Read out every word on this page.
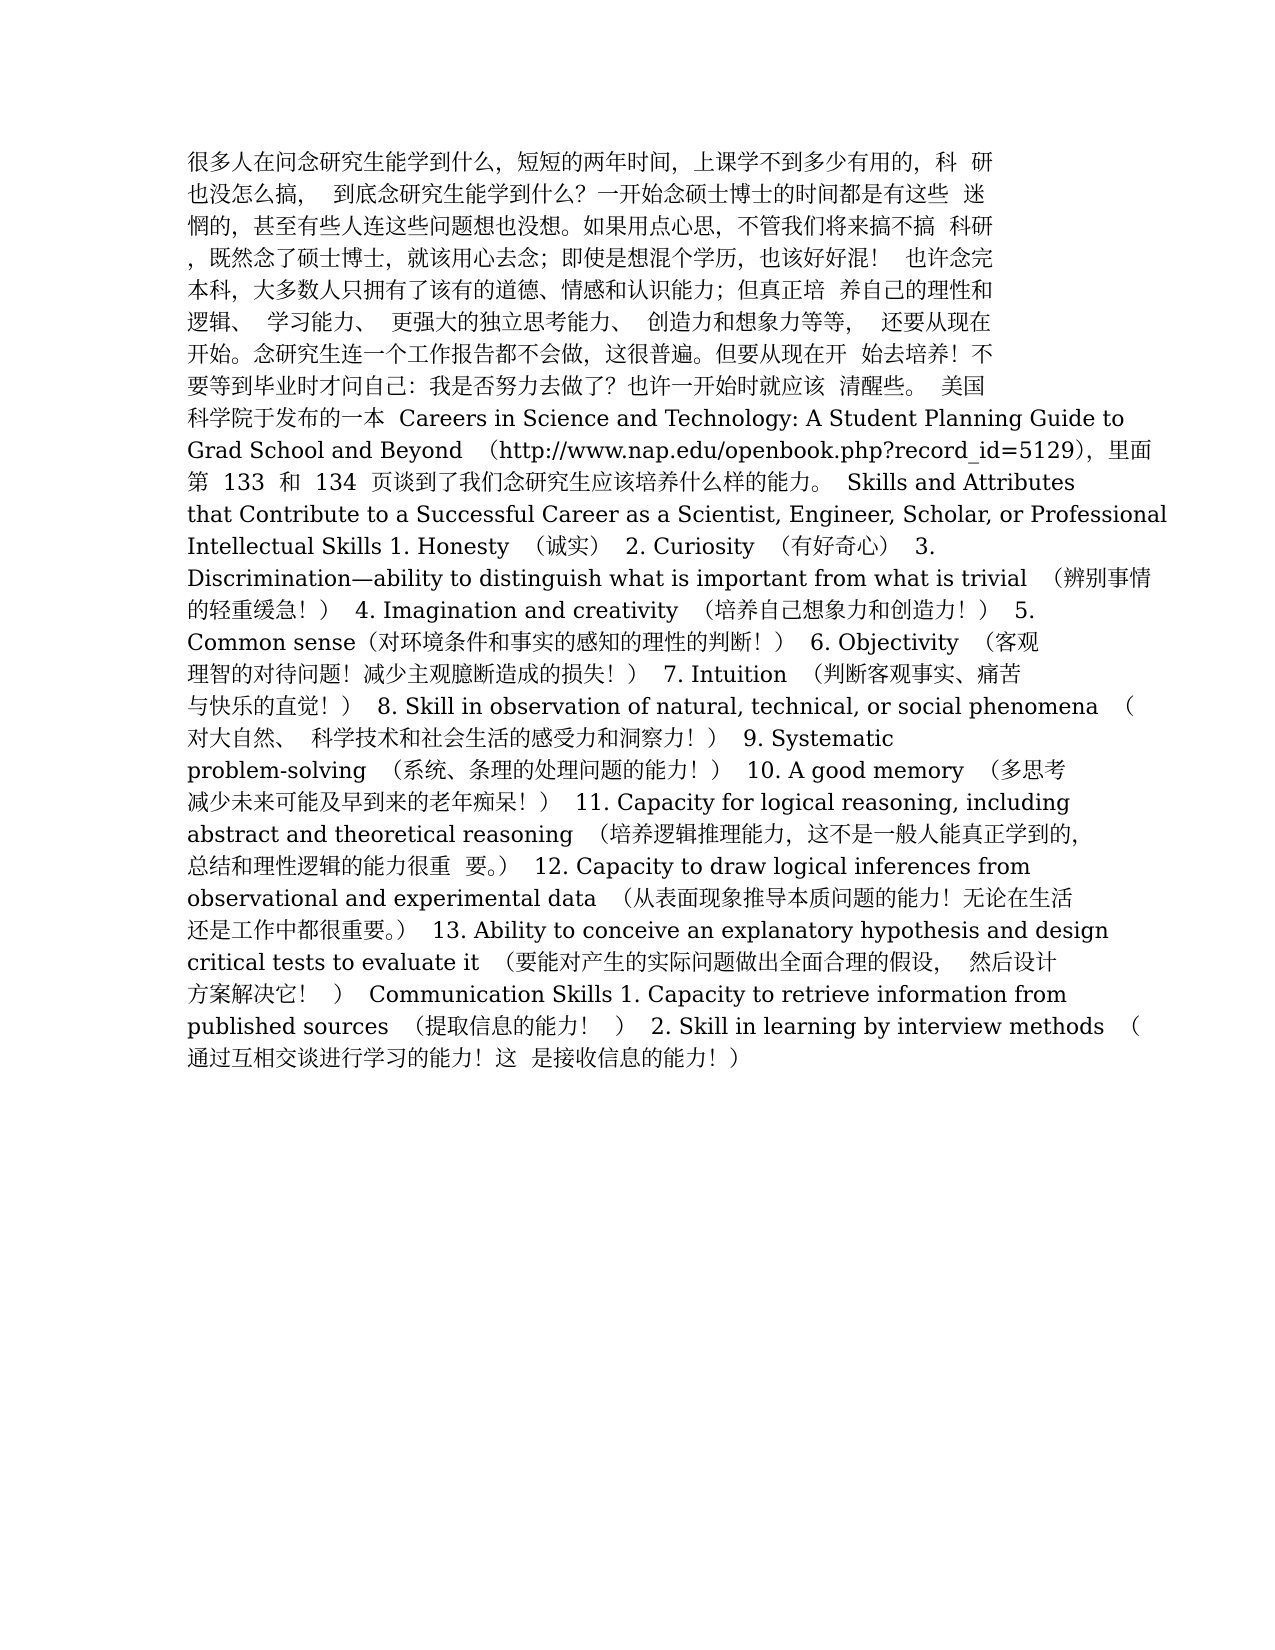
很多人在问念研究生能学到什么，短短的两年时间，上课学不到多少有用的，科  研
也没怎么搞，  到底念研究生能学到什么？一开始念硕士博士的时间都是有这些  迷
惘的，甚至有些人连这些问题想也没想。如果用点心思，不管我们将来搞不搞  科研
，既然念了硕士博士，就该用心去念；即使是想混个学历，也该好好混！  也许念完
本科，大多数人只拥有了该有的道德、情感和认识能力；但真正培  养自己的理性和
逻辑、  学习能力、  更强大的独立思考能力、  创造力和想象力等等，  还要从现在
开始。念研究生连一个工作报告都不会做，这很普遍。但要从现在开  始去培养！不
要等到毕业时才问自己：我是否努力去做了？也许一开始时就应该  清醒些。  美国
科学院于发布的一本  Careers in Science and Technology: A Student Planning Guide to
Grad School and Beyond  （http://www.nap.edu/openbook.php?record_id=5129），里面
第  133  和  134  页谈到了我们念研究生应该培养什么样的能力。  Skills and Attributes
that Contribute to a Successful Career as a Scientist, Engineer, Scholar, or Professional
Intellectual Skills 1. Honesty  （诚实）  2. Curiosity  （有好奇心）  3.
Discrimination—ability to distinguish what is important from what is trivial  （辨别事情
的轻重缓急！）  4. Imagination and creativity  （培养自己想象力和创造力！）  5.
Common sense（对环境条件和事实的感知的理性的判断！）  6. Objectivity  （客观
理智的对待问题！减少主观臆断造成的损失！）  7. Intuition  （判断客观事实、痛苦
与快乐的直觉！）  8. Skill in observation of natural, technical, or social phenomena  （
对大自然、  科学技术和社会生活的感受力和洞察力！）  9. Systematic
problem-solving  （系统、条理的处理问题的能力！）  10. A good memory  （多思考
减少未来可能及早到来的老年痴呆！）  11. Capacity for logical reasoning, including
abstract and theoretical reasoning  （培养逻辑推理能力，这不是一般人能真正学到的，
总结和理性逻辑的能力很重  要。）  12. Capacity to draw logical inferences from
observational and experimental data  （从表面现象推导本质问题的能力！无论在生活
还是工作中都很重要。）  13. Ability to conceive an explanatory hypothesis and design
critical tests to evaluate it  （要能对产生的实际问题做出全面合理的假设，  然后设计
方案解决它！  ）  Communication Skills 1. Capacity to retrieve information from
published sources  （提取信息的能力！  ）  2. Skill in learning by interview methods  （
通过互相交谈进行学习的能力！这  是接收信息的能力！）
